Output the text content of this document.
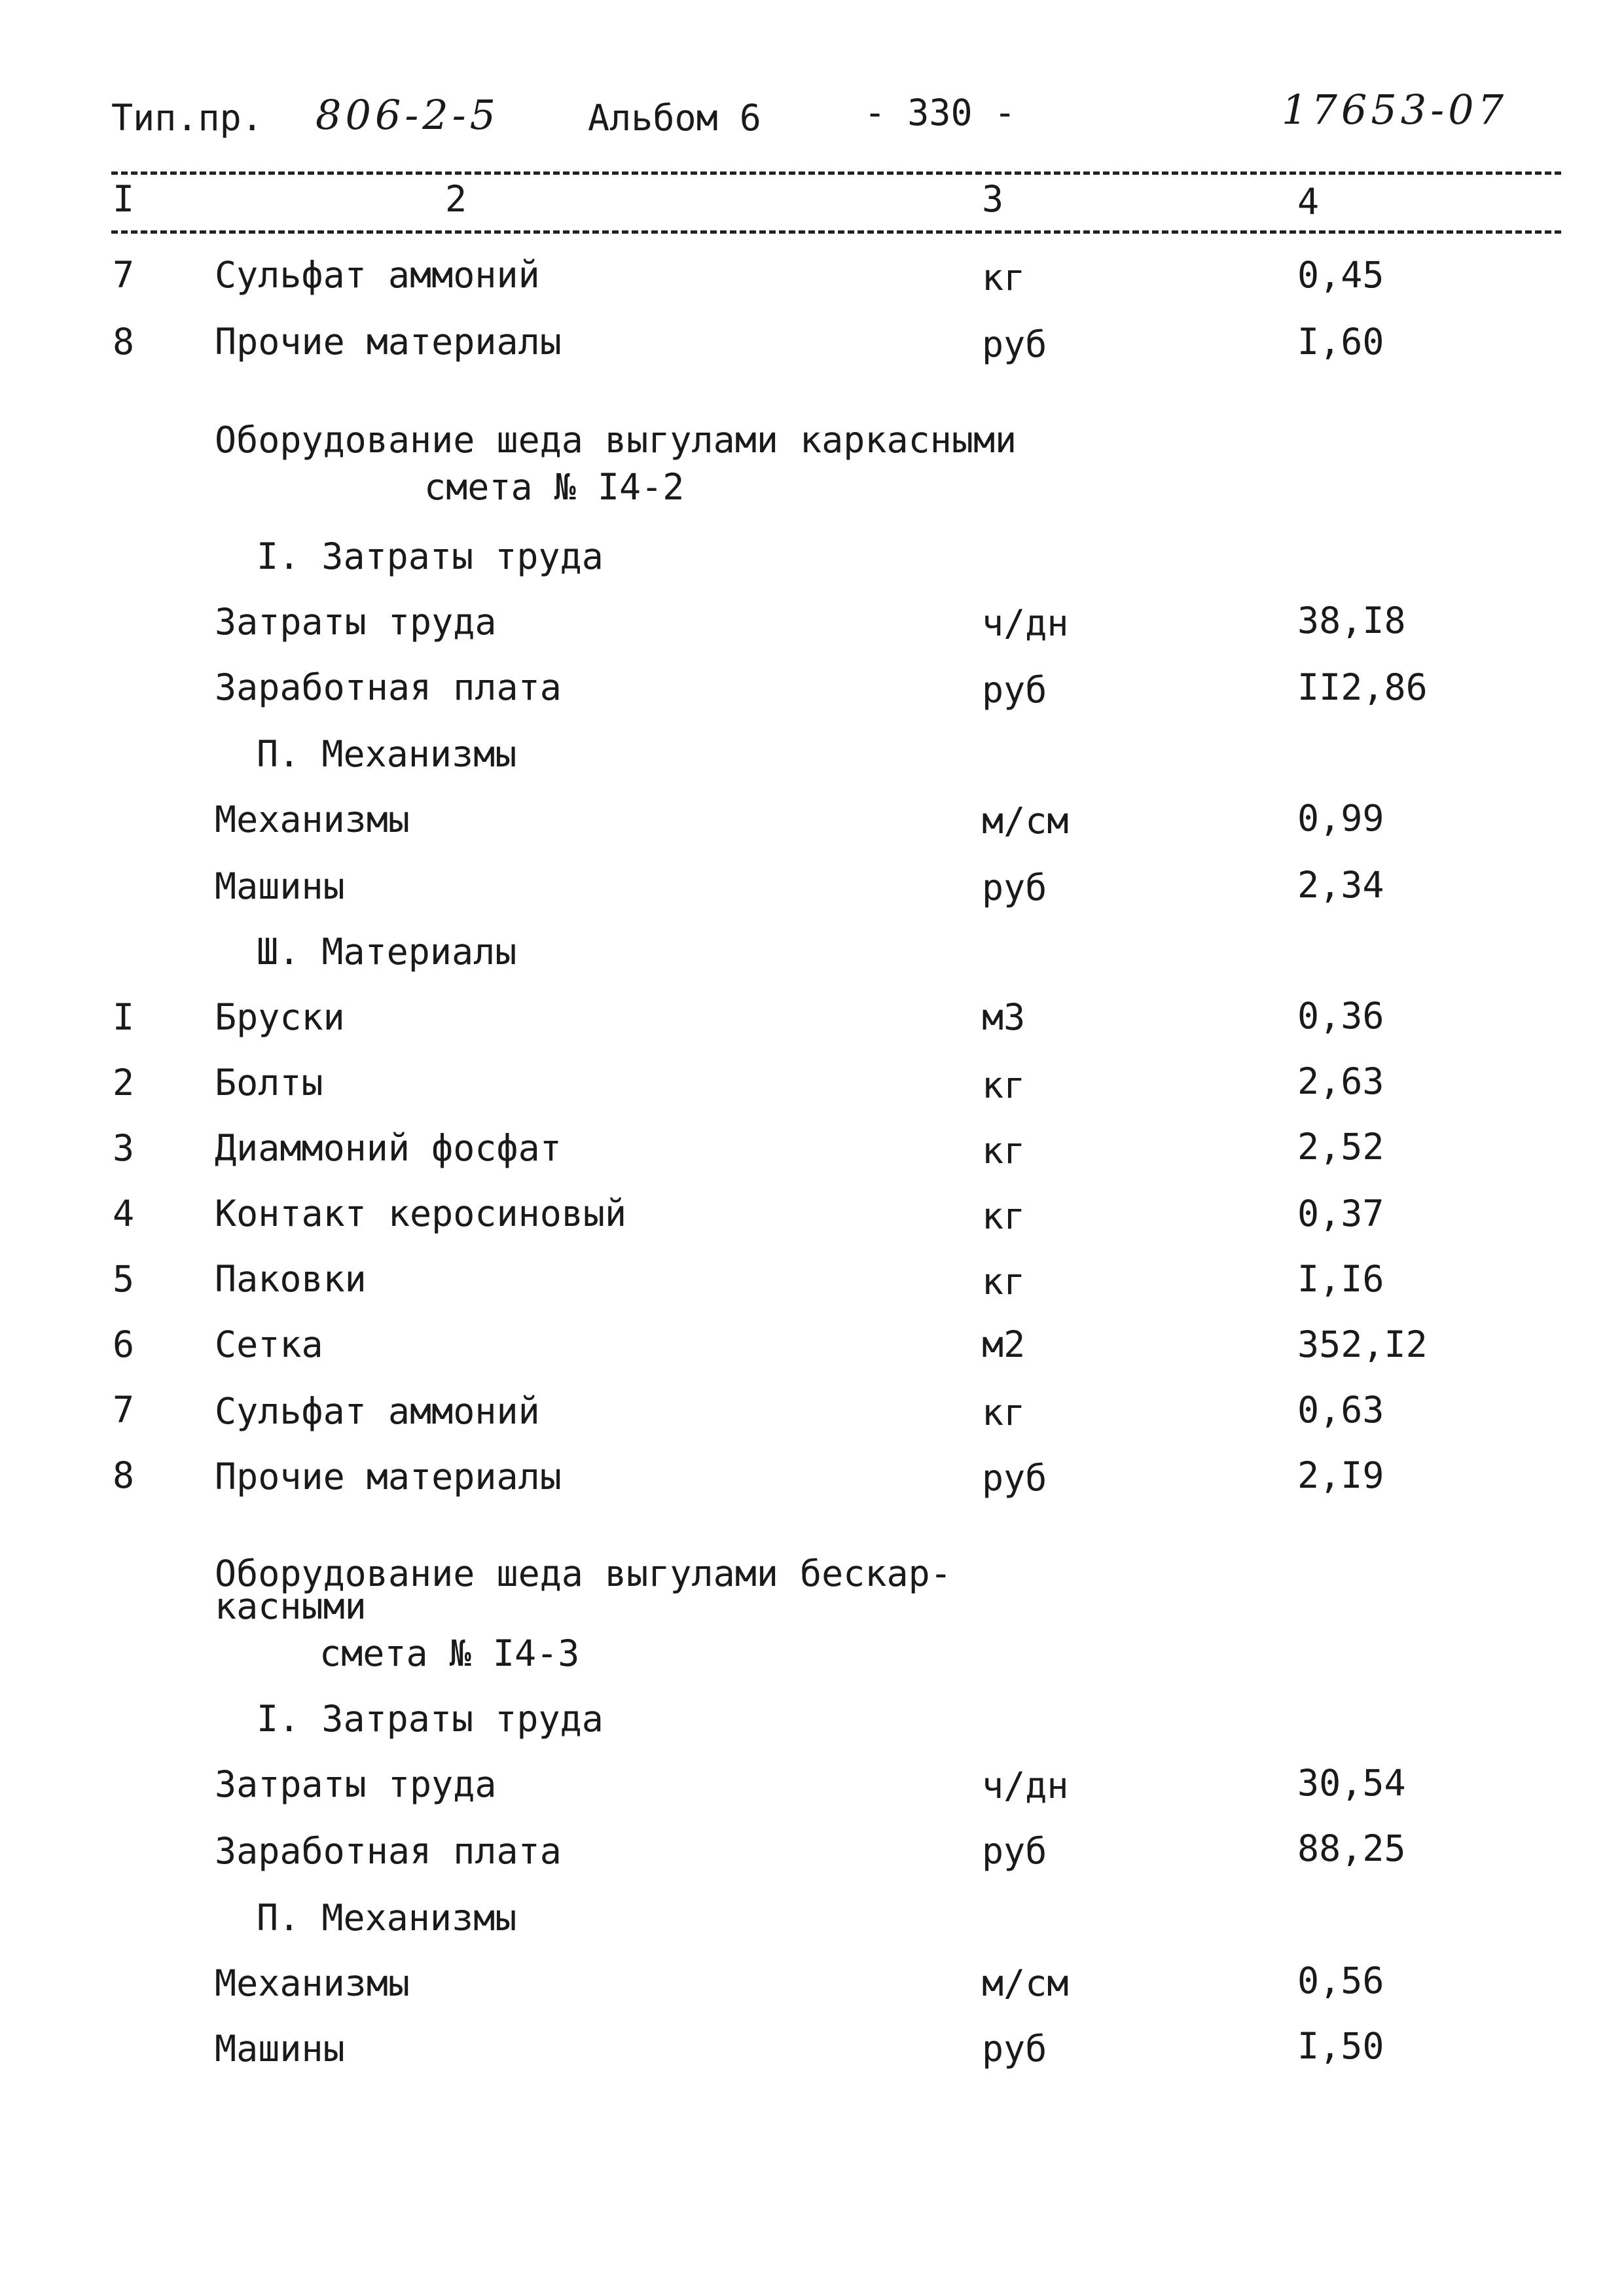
Тип.пр. 806-2-5 Альбом 6	- 330 -	17653-07
I	2	3	4
7 Сульфат аммоний	кг	0,45
8 Прочие материалы	руб	I,60
Оборудование шеда выгулами каркасными
смета № I4-2
I. Затраты труда
Затраты труда	ч/дн	38,I8
Заработная плата	руб	II2,86
П. Механизмы
Механизмы	м/см	0,99
Машины	руб	2,34
Ш. Материалы
I Бруски	м3	0,36
2 Болты	кг	2,63
3 Диаммоний фосфат	кг	2,52
4 Контакт керосиновый	кг	0,37
5 Паковки	кг	I,I6
6 Сетка	м2	352,I2
7 Сульфат аммоний	кг	0,63
8 Прочие материалы	руб	2,I9
Оборудование шеда выгулами бескар-
касными
смета № I4-3
I. Затраты труда
Затраты труда	ч/дн	30,54
Заработная плата	руб	88,25
П. Механизмы
Механизмы	м/см	0,56
Машины	руб	I,50
